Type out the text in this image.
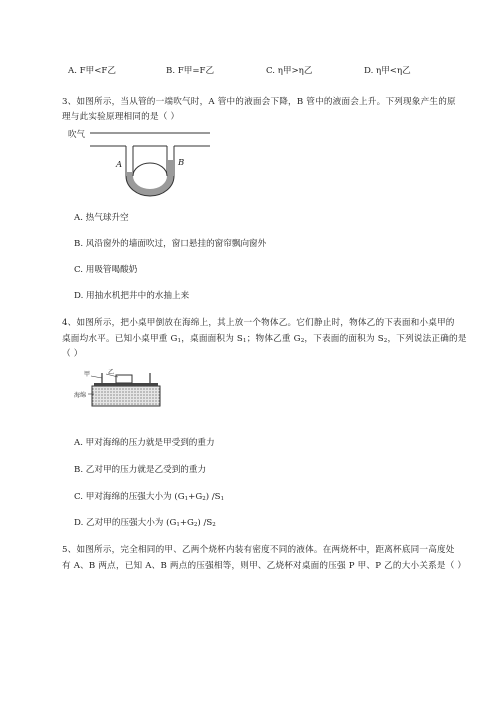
A. F甲<F乙	B. F甲=F乙	C. η甲>η乙	D. η甲<η乙
3、如图所示，当从管的一端吹气时，A 管中的液面会下降，B 管中的液面会上升。下列现象产生的原
理与此实验原理相同的是（ ）
吹气
A	B
A. 热气球升空
B. 风沿窗外的墙面吹过，窗口悬挂的窗帘飘向窗外
C. 用吸管喝酸奶
D. 用抽水机把井中的水抽上来
4、如图所示，把小桌甲倒放在海绵上，其上放一个物体乙。它们静止时，物体乙的下表面和小桌甲的
桌面均水平。已知小桌甲重 $G_1$，桌面面积为 $S_1$；物体乙重 $G_2$，下表面的面积为 $S_2$，下列说法正确的是
（ ）
甲	乙
海绵
A. 甲对海绵的压力就是甲受到的重力
B. 乙对甲的压力就是乙受到的重力
C. 甲对海绵的压强大小为 $(G_1+G_2)$ $/S_1$
D. 乙对甲的压强大小为 $(G_1+G_2)$ $/S_2$
5、如图所示，完全相同的甲、乙两个烧杯内装有密度不同的液体。在两烧杯中，距离杯底同一高度处
有 A、B 两点，已知 A、B 两点的压强相等，则甲、乙烧杯对桌面的压强 P 甲、P 乙的大小关系是（ ）
